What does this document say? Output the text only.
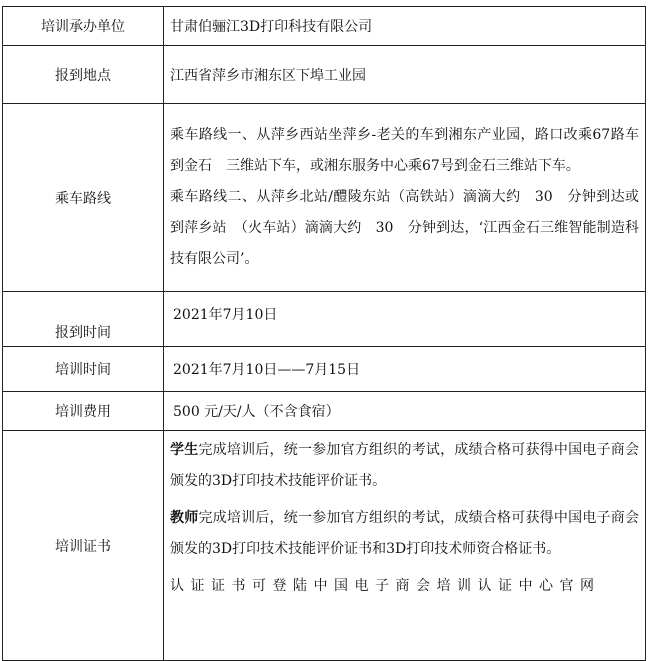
培训承办单位	甘肃伯骊江3D打印科技有限公司
报到地点	江西省萍乡市湘东区下埠工业园
乘车路线	乘车路线一、从萍乡西站坐萍乡-老关的车到湘东产业园，路口改乘67路车到金石　三维站下车，或湘东服务中心乘67号到金石三维站下车。
乘车路线二、从萍乡北站/醴陵东站（高铁站）滴滴大约　30　分钟到达或到萍乡站　（火车站）滴滴大约　30　分钟到达，‘江西金石三维智能制造科技有限公司’。

报到时间	2021年7月10日
培训时间	2021年7月10日——7月15日
培训费用	500 元/天/人（不含食宿）
培训证书	学生完成培训后，统一参加官方组织的考试，成绩合格可获得中国电子商会颁发的3D打印技术技能评价证书。
教师完成培训后，统一参加官方组织的考试，成绩合格可获得中国电子商会颁发的3D打印技术技能评价证书和3D打印技术师资合格证书。
认证证书可登陆中国电子商会培训认证中心官网
